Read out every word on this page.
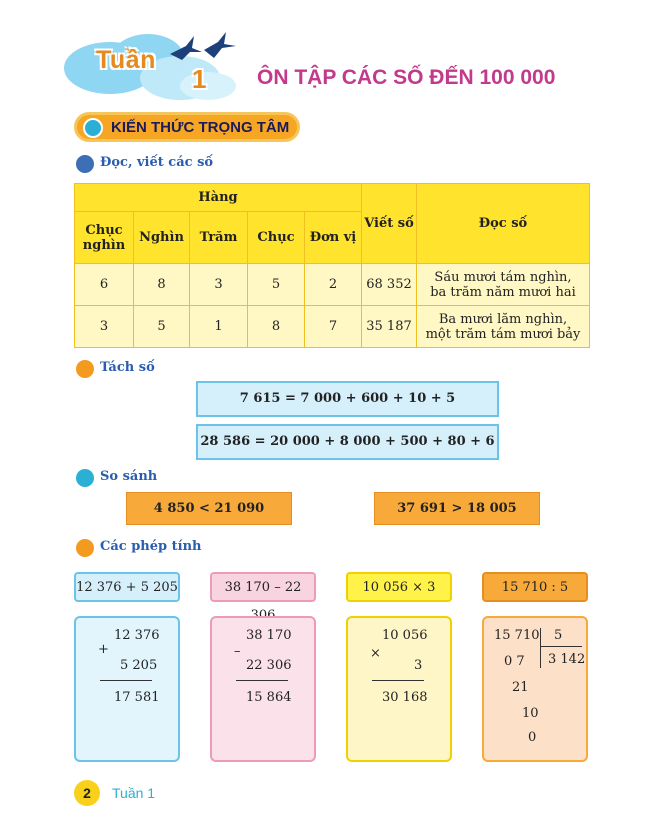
Tuần
1 ÔN TẬP CÁC SỐ ĐẾN 100 000
KIẾN THỨC TRỌNG TÂM
Đọc, viết các số
Hàng					Viết số	Đọc số
Chục nghìn	Nghìn	Trăm	Chục	Đơn vị		
6	8	3	5	2	68 352	Sáu mươi tám nghìn,
ba trăm năm mươi hai

3	5	1	8	7	35 187	Ba mươi lăm nghìn,
một trăm tám mươi bảy
Tách số
7 615 = 7 000 + 600 + 10 + 5
28 586 = 20 000 + 8 000 + 500 + 80 + 6
So sánh
4 850 < 21 090	37 691 > 18 005
Các phép tính
12 376 + 5 205	38 170 – 22	10 056 × 3	15 710 : 5
12 376
+
5 205
17 581
38 170
–
22 306
15 864
10 056
×
3
30 168
15 710 5
3 142
0 7
21
10
0
2	Tuần 1
